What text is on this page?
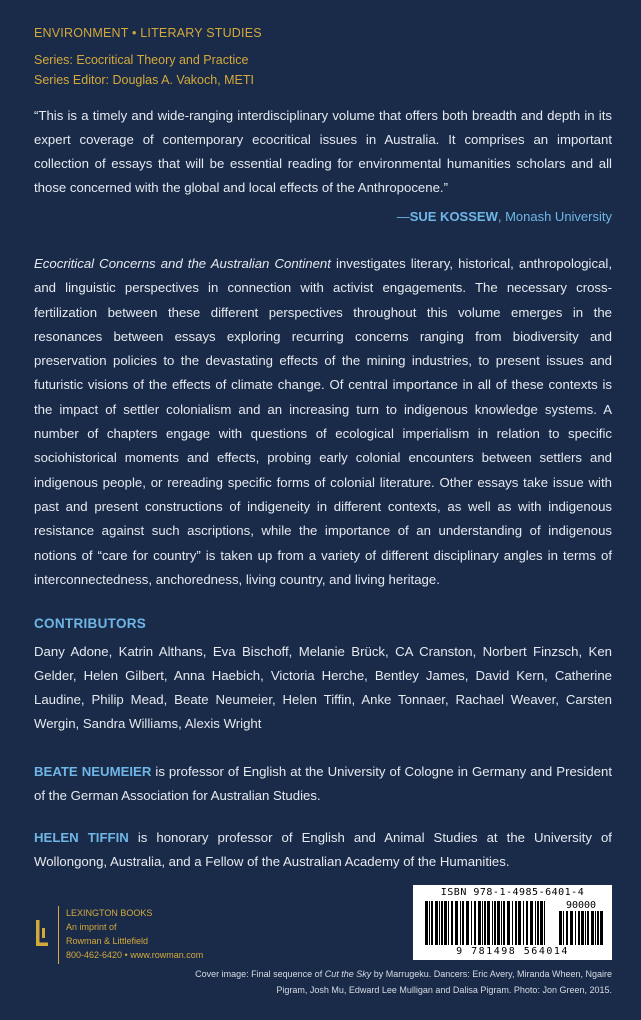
ENVIRONMENT • LITERARY STUDIES
Series: Ecocritical Theory and Practice
Series Editor: Douglas A. Vakoch, METI
“This is a timely and wide-ranging interdisciplinary volume that offers both breadth and depth in its expert coverage of contemporary ecocritical issues in Australia. It comprises an important collection of essays that will be essential reading for environmental humanities scholars and all those concerned with the global and local effects of the Anthropocene.”
—SUE KOSSEW, Monash University
Ecocritical Concerns and the Australian Continent investigates literary, historical, anthropological, and linguistic perspectives in connection with activist engagements. The necessary cross-fertilization between these different perspectives throughout this volume emerges in the resonances between essays exploring recurring concerns ranging from biodiversity and preservation policies to the devastating effects of the mining industries, to present issues and futuristic visions of the effects of climate change. Of central importance in all of these contexts is the impact of settler colonialism and an increasing turn to indigenous knowledge systems. A number of chapters engage with questions of ecological imperialism in relation to specific sociohistorical moments and effects, probing early colonial encounters between settlers and indigenous people, or rereading specific forms of colonial literature. Other essays take issue with past and present constructions of indigeneity in different contexts, as well as with indigenous resistance against such ascriptions, while the importance of an understanding of indigenous notions of “care for country” is taken up from a variety of different disciplinary angles in terms of interconnectedness, anchoredness, living country, and living heritage.
CONTRIBUTORS
Dany Adone, Katrin Althans, Eva Bischoff, Melanie Brück, CA Cranston, Norbert Finzsch, Ken Gelder, Helen Gilbert, Anna Haebich, Victoria Herche, Bentley James, David Kern, Catherine Laudine, Philip Mead, Beate Neumeier, Helen Tiffin, Anke Tonnaer, Rachael Weaver, Carsten Wergin, Sandra Williams, Alexis Wright
BEATE NEUMEIER is professor of English at the University of Cologne in Germany and President of the German Association for Australian Studies.
HELEN TIFFIN is honorary professor of English and Animal Studies at the University of Wollongong, Australia, and a Fellow of the Australian Academy of the Humanities.
LEXINGTON BOOKS
An imprint of
Rowman & Littlefield
800-462-6420 • www.rowman.com
ISBN 978-1-4985-6401-4
90000
9 781498 564014
Cover image: Final sequence of Cut the Sky by Marrugeku. Dancers: Eric Avery, Miranda Wheen, Ngaire Pigram, Josh Mu, Edward Lee Mulligan and Dalisa Pigram. Photo: Jon Green, 2015.
